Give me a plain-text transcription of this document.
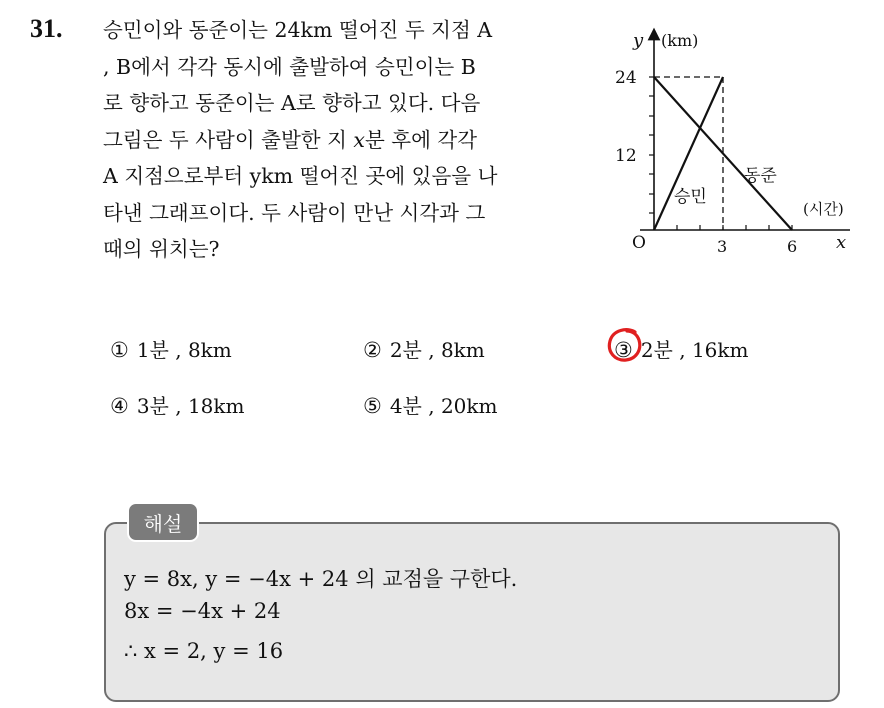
31. 승민이와 동준이는 24km 떨어진 두 지점 A
, B에서 각각 동시에 출발하여 승민이는 B
로 향하고 동준이는 A로 향하고 있다. 다음
그림은 두 사람이 출발한 지 x분 후에 각각
A 지점으로부터 ykm 떨어진 곳에 있음을 나
타낸 그래프이다. 두 사람이 만난 시각과 그
때의 위치는?
y (km)
24
12
O	3	6
(시간)
x
승민
동준
① 1분 , 8km	② 2분 , 8km	③ 2분 , 16km
④ 3분 , 18km	⑤ 4분 , 20km
해설
y = 8x, y = −4x + 24 의 교점을 구한다.
8x = −4x + 24
∴ x = 2, y = 16
